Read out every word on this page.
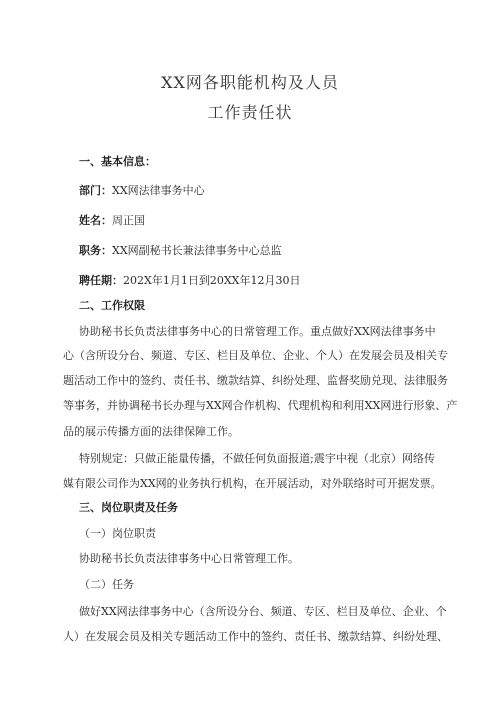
XX网各职能机构及人员
工作责任状
一、基本信息：
部门：XX网法律事务中心
姓名：周正国
职务：XX网副秘书长兼法律事务中心总监
聘任期：202X年1月1日到20XX年12月30日
二、工作权限
协助秘书长负责法律事务中心的日常管理工作。重点做好XX网法律事务中
心（含所设分台、频道、专区、栏目及单位、企业、个人）在发展会员及相关专
题活动工作中的签约、责任书、缴款结算、纠纷处理、监督奖励兑现、法律服务
等事务，并协调秘书长办理与XX网合作机构、代理机构和利用XX网进行形象、产
品的展示传播方面的法律保障工作。
特别规定：只做正能量传播，不做任何负面报道;震宇中视（北京）网络传
媒有限公司作为XX网的业务执行机构，在开展活动，对外联络时可开据发票。
三、岗位职责及任务
（一）岗位职责
协助秘书长负责法律事务中心日常管理工作。
（二）任务
做好XX网法律事务中心（含所设分台、频道、专区、栏目及单位、企业、个
人）在发展会员及相关专题活动工作中的签约、责任书、缴款结算、纠纷处理、
